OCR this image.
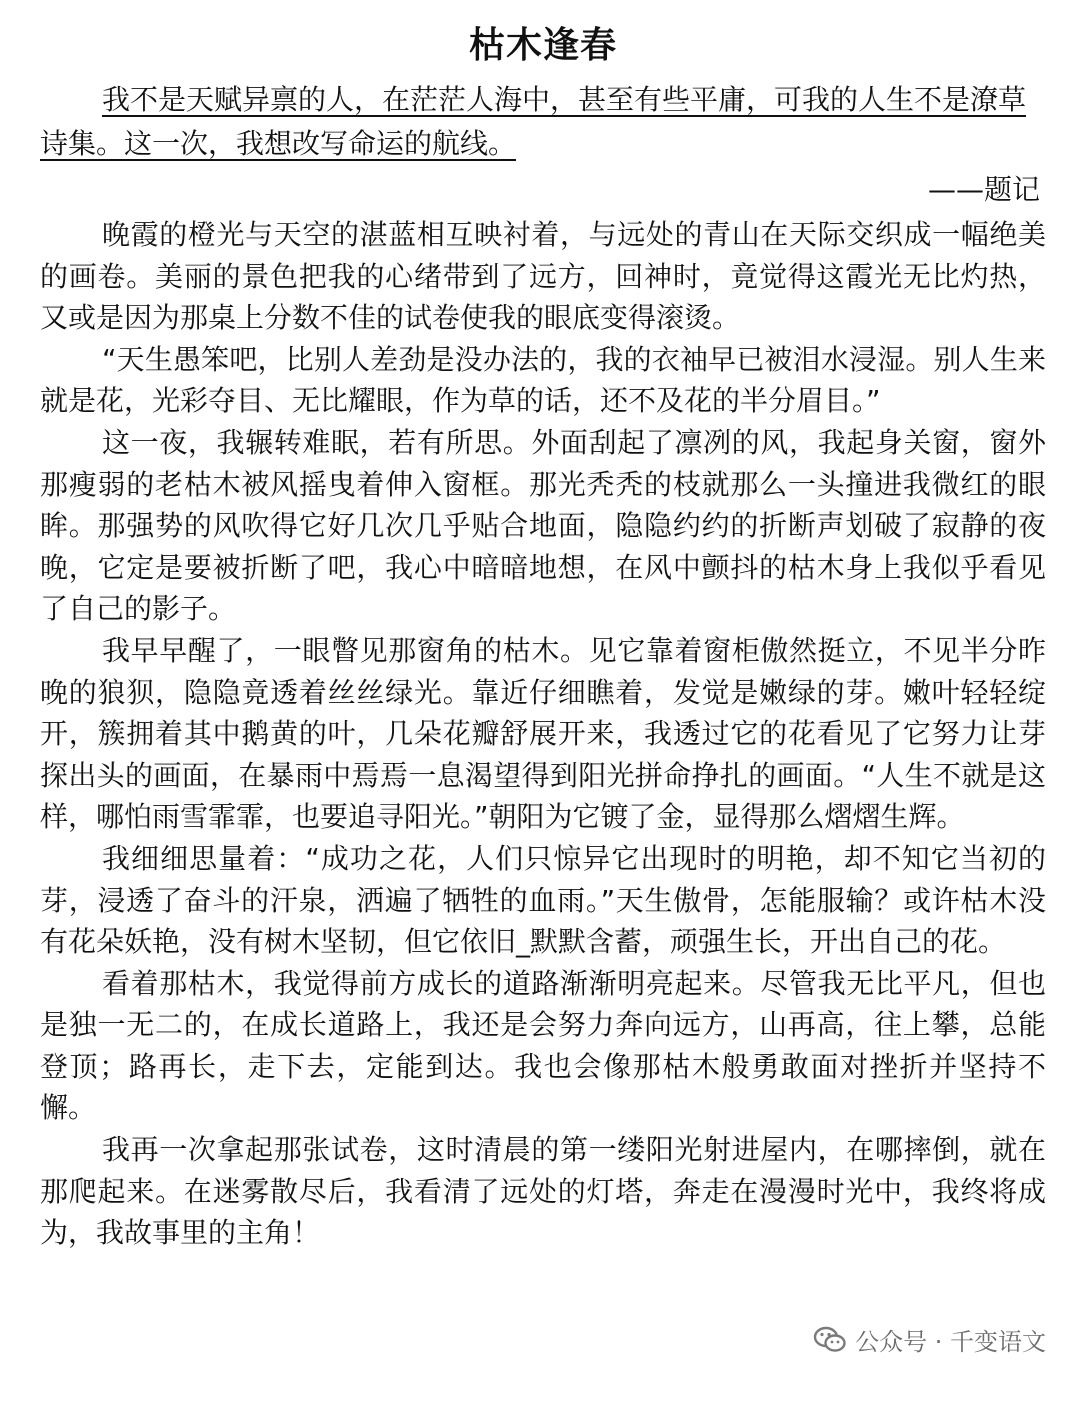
枯木逢春

我不是天赋异禀的人，在茫茫人海中，甚至有些平庸，可我的人生不是潦草诗集。这一次，我想改写命运的航线。

——题记

晚霞的橙光与天空的湛蓝相互映衬着，与远处的青山在天际交织成一幅绝美的画卷。美丽的景色把我的心绪带到了远方，回神时，竟觉得这霞光无比灼热，又或是因为那桌上分数不佳的试卷使我的眼底变得滚烫。

“天生愚笨吧，比别人差劲是没办法的，我的衣袖早已被泪水浸湿。别人生来就是花，光彩夺目、无比耀眼，作为草的话，还不及花的半分眉目。”

这一夜，我辗转难眠，若有所思。外面刮起了凛冽的风，我起身关窗，窗外那瘦弱的老枯木被风摇曳着伸入窗框。那光秃秃的枝就那么一头撞进我微红的眼眸。那强势的风吹得它好几次几乎贴合地面，隐隐约约的折断声划破了寂静的夜晚，它定是要被折断了吧，我心中暗暗地想，在风中颤抖的枯木身上我似乎看见了自己的影子。

我早早醒了，一眼瞥见那窗角的枯木。见它靠着窗柜傲然挺立，不见半分昨晚的狼狈，隐隐竟透着丝丝绿光。靠近仔细瞧着，发觉是嫩绿的芽。嫩叶轻轻绽开，簇拥着其中鹅黄的叶，几朵花瓣舒展开来，我透过它的花看见了它努力让芽探出头的画面，在暴雨中焉焉一息渴望得到阳光拼命挣扎的画面。“人生不就是这样，哪怕雨雪霏霏，也要追寻阳光。”朝阳为它镀了金，显得那么熠熠生辉。

我细细思量着：“成功之花，人们只惊异它出现时的明艳，却不知它当初的芽，浸透了奋斗的汗泉，洒遍了牺牲的血雨。”天生傲骨，怎能服输？或许枯木没有花朵妖艳，没有树木坚韧，但它依旧_默默含蓄，顽强生长，开出自己的花。

看着那枯木，我觉得前方成长的道路渐渐明亮起来。尽管我无比平凡，但也是独一无二的，在成长道路上，我还是会努力奔向远方，山再高，往上攀，总能登顶；路再长，走下去，定能到达。我也会像那枯木般勇敢面对挫折并坚持不懈。

我再一次拿起那张试卷，这时清晨的第一缕阳光射进屋内，在哪摔倒，就在那爬起来。在迷雾散尽后，我看清了远处的灯塔，奔走在漫漫时光中，我终将成为，我故事里的主角！

公众号 · 千变语文
